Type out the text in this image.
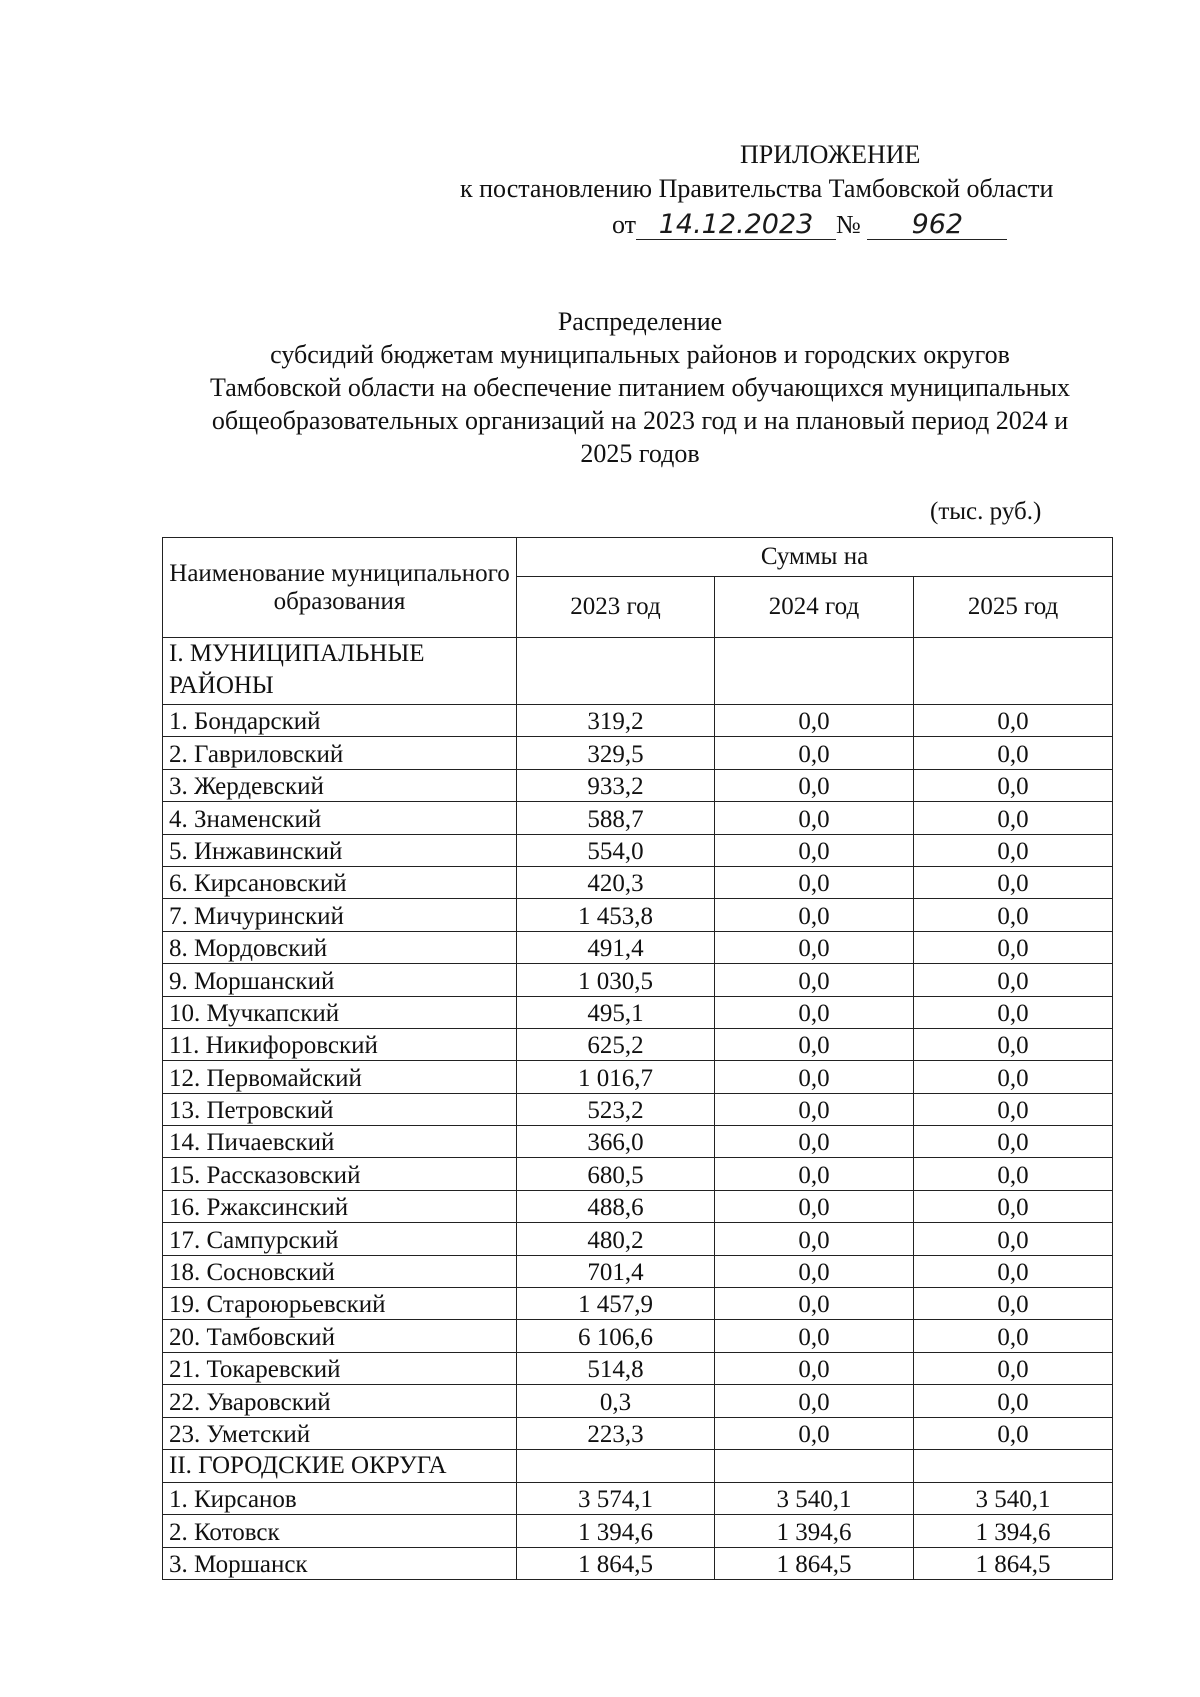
ПРИЛОЖЕНИЕ
к постановлению Правительства Тамбовской области
от 14.12.2023 № 962
Распределение
субсидий бюджетам муниципальных районов и городских округов
Тамбовской области на обеспечение питанием обучающихся муниципальных
общеобразовательных организаций на 2023 год и на плановый период 2024 и
2025 годов
(тыс. руб.)
Наименование муниципального образования	Суммы на		
	2023 год	2024 год	2025 год
I. МУНИЦИПАЛЬНЫЕ РАЙОНЫ			
1. Бондарский	319,2	0,0	0,0
2. Гавриловский	329,5	0,0	0,0
3. Жердевский	933,2	0,0	0,0
4. Знаменский	588,7	0,0	0,0
5. Инжавинский	554,0	0,0	0,0
6. Кирсановский	420,3	0,0	0,0
7. Мичуринский	1 453,8	0,0	0,0
8. Мордовский	491,4	0,0	0,0
9. Моршанский	1 030,5	0,0	0,0
10. Мучкапский	495,1	0,0	0,0
11. Никифоровский	625,2	0,0	0,0
12. Первомайский	1 016,7	0,0	0,0
13. Петровский	523,2	0,0	0,0
14. Пичаевский	366,0	0,0	0,0
15. Рассказовский	680,5	0,0	0,0
16. Ржаксинский	488,6	0,0	0,0
17. Сампурский	480,2	0,0	0,0
18. Сосновский	701,4	0,0	0,0
19. Староюрьевский	1 457,9	0,0	0,0
20. Тамбовский	6 106,6	0,0	0,0
21. Токаревский	514,8	0,0	0,0
22. Уваровский	0,3	0,0	0,0
23. Уметский	223,3	0,0	0,0
II. ГОРОДСКИЕ ОКРУГА			
1. Кирсанов	3 574,1	3 540,1	3 540,1
2. Котовск	1 394,6	1 394,6	1 394,6
3. Моршанск	1 864,5	1 864,5	1 864,5
